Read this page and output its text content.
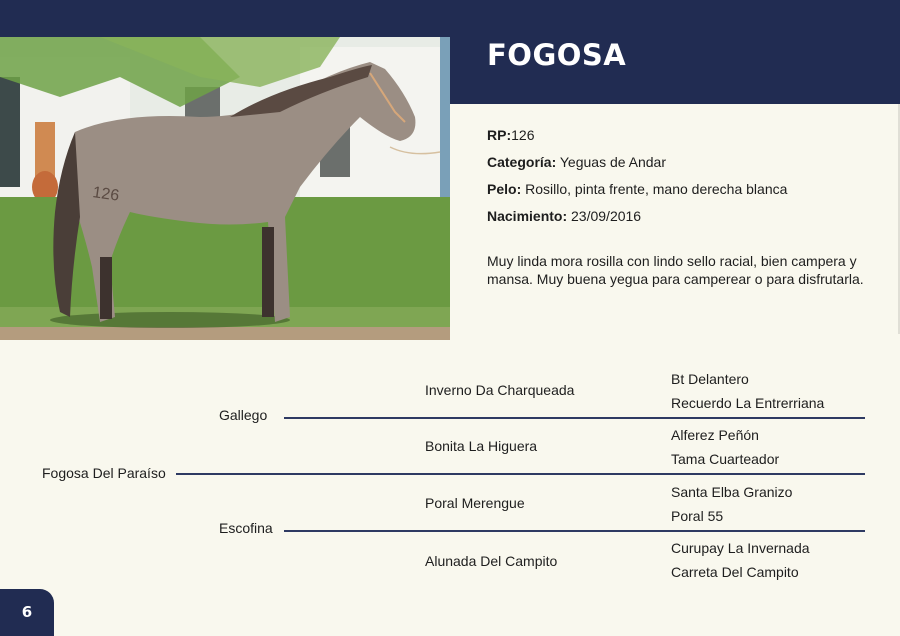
FOGOSA
126
RP:126
Categoría: Yeguas de Andar
Pelo: Rosillo, pinta frente, mano derecha blanca
Nacimiento: 23/09/2016
Muy linda mora rosilla con lindo sello racial, bien campera y mansa. Muy buena yegua para camperear o para disfrutarla.
Fogosa Del Paraíso
Gallego
Escofina
Inverno Da Charqueada
Bonita La Higuera
Poral Merengue
Alunada Del Campito
Bt Delantero
Recuerdo La Entrerriana
Alferez Peñón
Tama Cuarteador
Santa Elba Granizo
Poral 55
Curupay La Invernada
Carreta Del Campito
6
